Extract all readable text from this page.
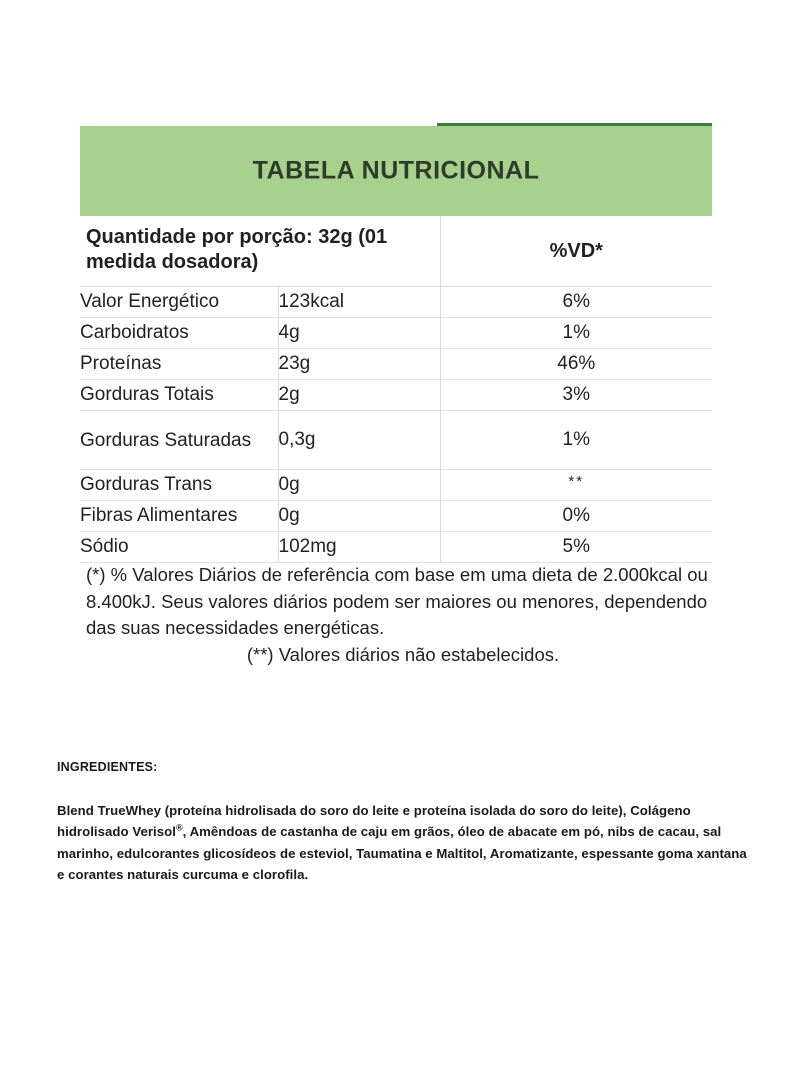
TABELA NUTRICIONAL
Quantidade por porção: 32g (01 medida dosadora)		%VD*
Valor Energético	123kcal	6%
Carboidratos	4g	1%
Proteínas	23g	46%
Gorduras Totais	2g	3%
Gorduras Saturadas	0,3g	1%
Gorduras Trans	0g	**
Fibras Alimentares	0g	0%
Sódio	102mg	5%
(*) % Valores Diários de referência com base em uma dieta de 2.000kcal ou 8.400kJ. Seus valores diários podem ser maiores ou menores, dependendo das suas necessidades energéticas.
(**) Valores diários não estabelecidos.
INGREDIENTES:

Blend TrueWhey (proteína hidrolisada do soro do leite e proteína isolada do soro do leite), Colágeno hidrolisado Verisol®, Amêndoas de castanha de caju em grãos, óleo de abacate em pó, nibs de cacau, sal marinho, edulcorantes glicosídeos de esteviol, Taumatina e Maltitol, Aromatizante, espessante goma xantana e corantes naturais curcuma e clorofila.
